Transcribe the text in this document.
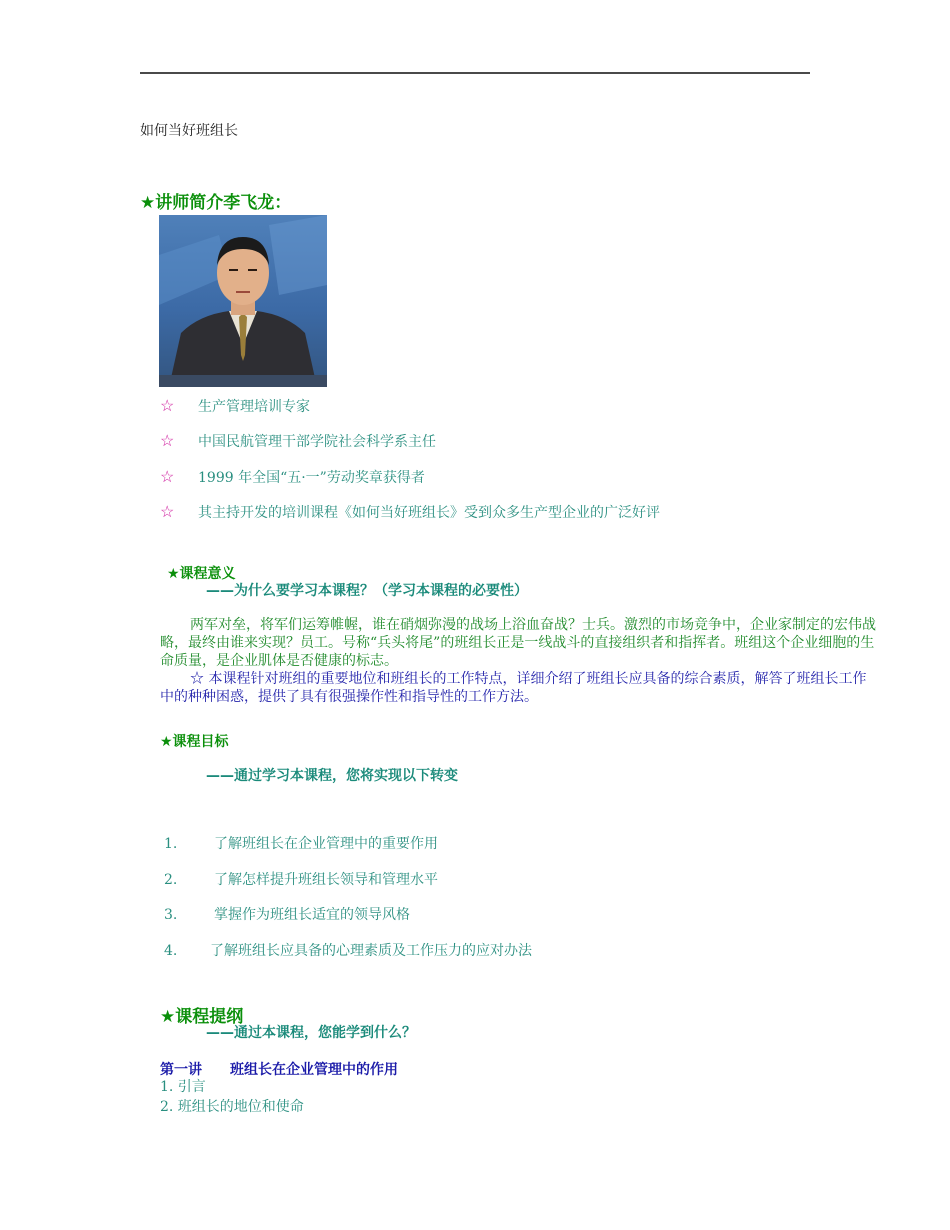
如何当好班组长
★讲师简介李飞龙：
☆ 生产管理培训专家
☆ 中国民航管理干部学院社会科学系主任
☆ 1999 年全国“五·一”劳动奖章获得者
☆ 其主持开发的培训课程《如何当好班组长》受到众多生产型企业的广泛好评
★课程意义
——为什么要学习本课程？（学习本课程的必要性）
两军对垒，将军们运筹帷幄，谁在硝烟弥漫的战场上浴血奋战？士兵。激烈的市场竞争中，企业家制定的宏伟战略，最终由谁来实现？员工。号称“兵头将尾”的班组长正是一线战斗的直接组织者和指挥者。班组这个企业细胞的生命质量，是企业肌体是否健康的标志。
☆ 本课程针对班组的重要地位和班组长的工作特点，详细介绍了班组长应具备的综合素质，解答了班组长工作中的种种困惑，提供了具有很强操作性和指导性的工作方法。
★课程目标
——通过学习本课程，您将实现以下转变
1.	了解班组长在企业管理中的重要作用
2.	了解怎样提升班组长领导和管理水平
3.	掌握作为班组长适宜的领导风格
4. 了解班组长应具备的心理素质及工作压力的应对办法
★课程提纲
——通过本课程，您能学到什么？
第一讲　　班组长在企业管理中的作用
1. 引言
2. 班组长的地位和使命
